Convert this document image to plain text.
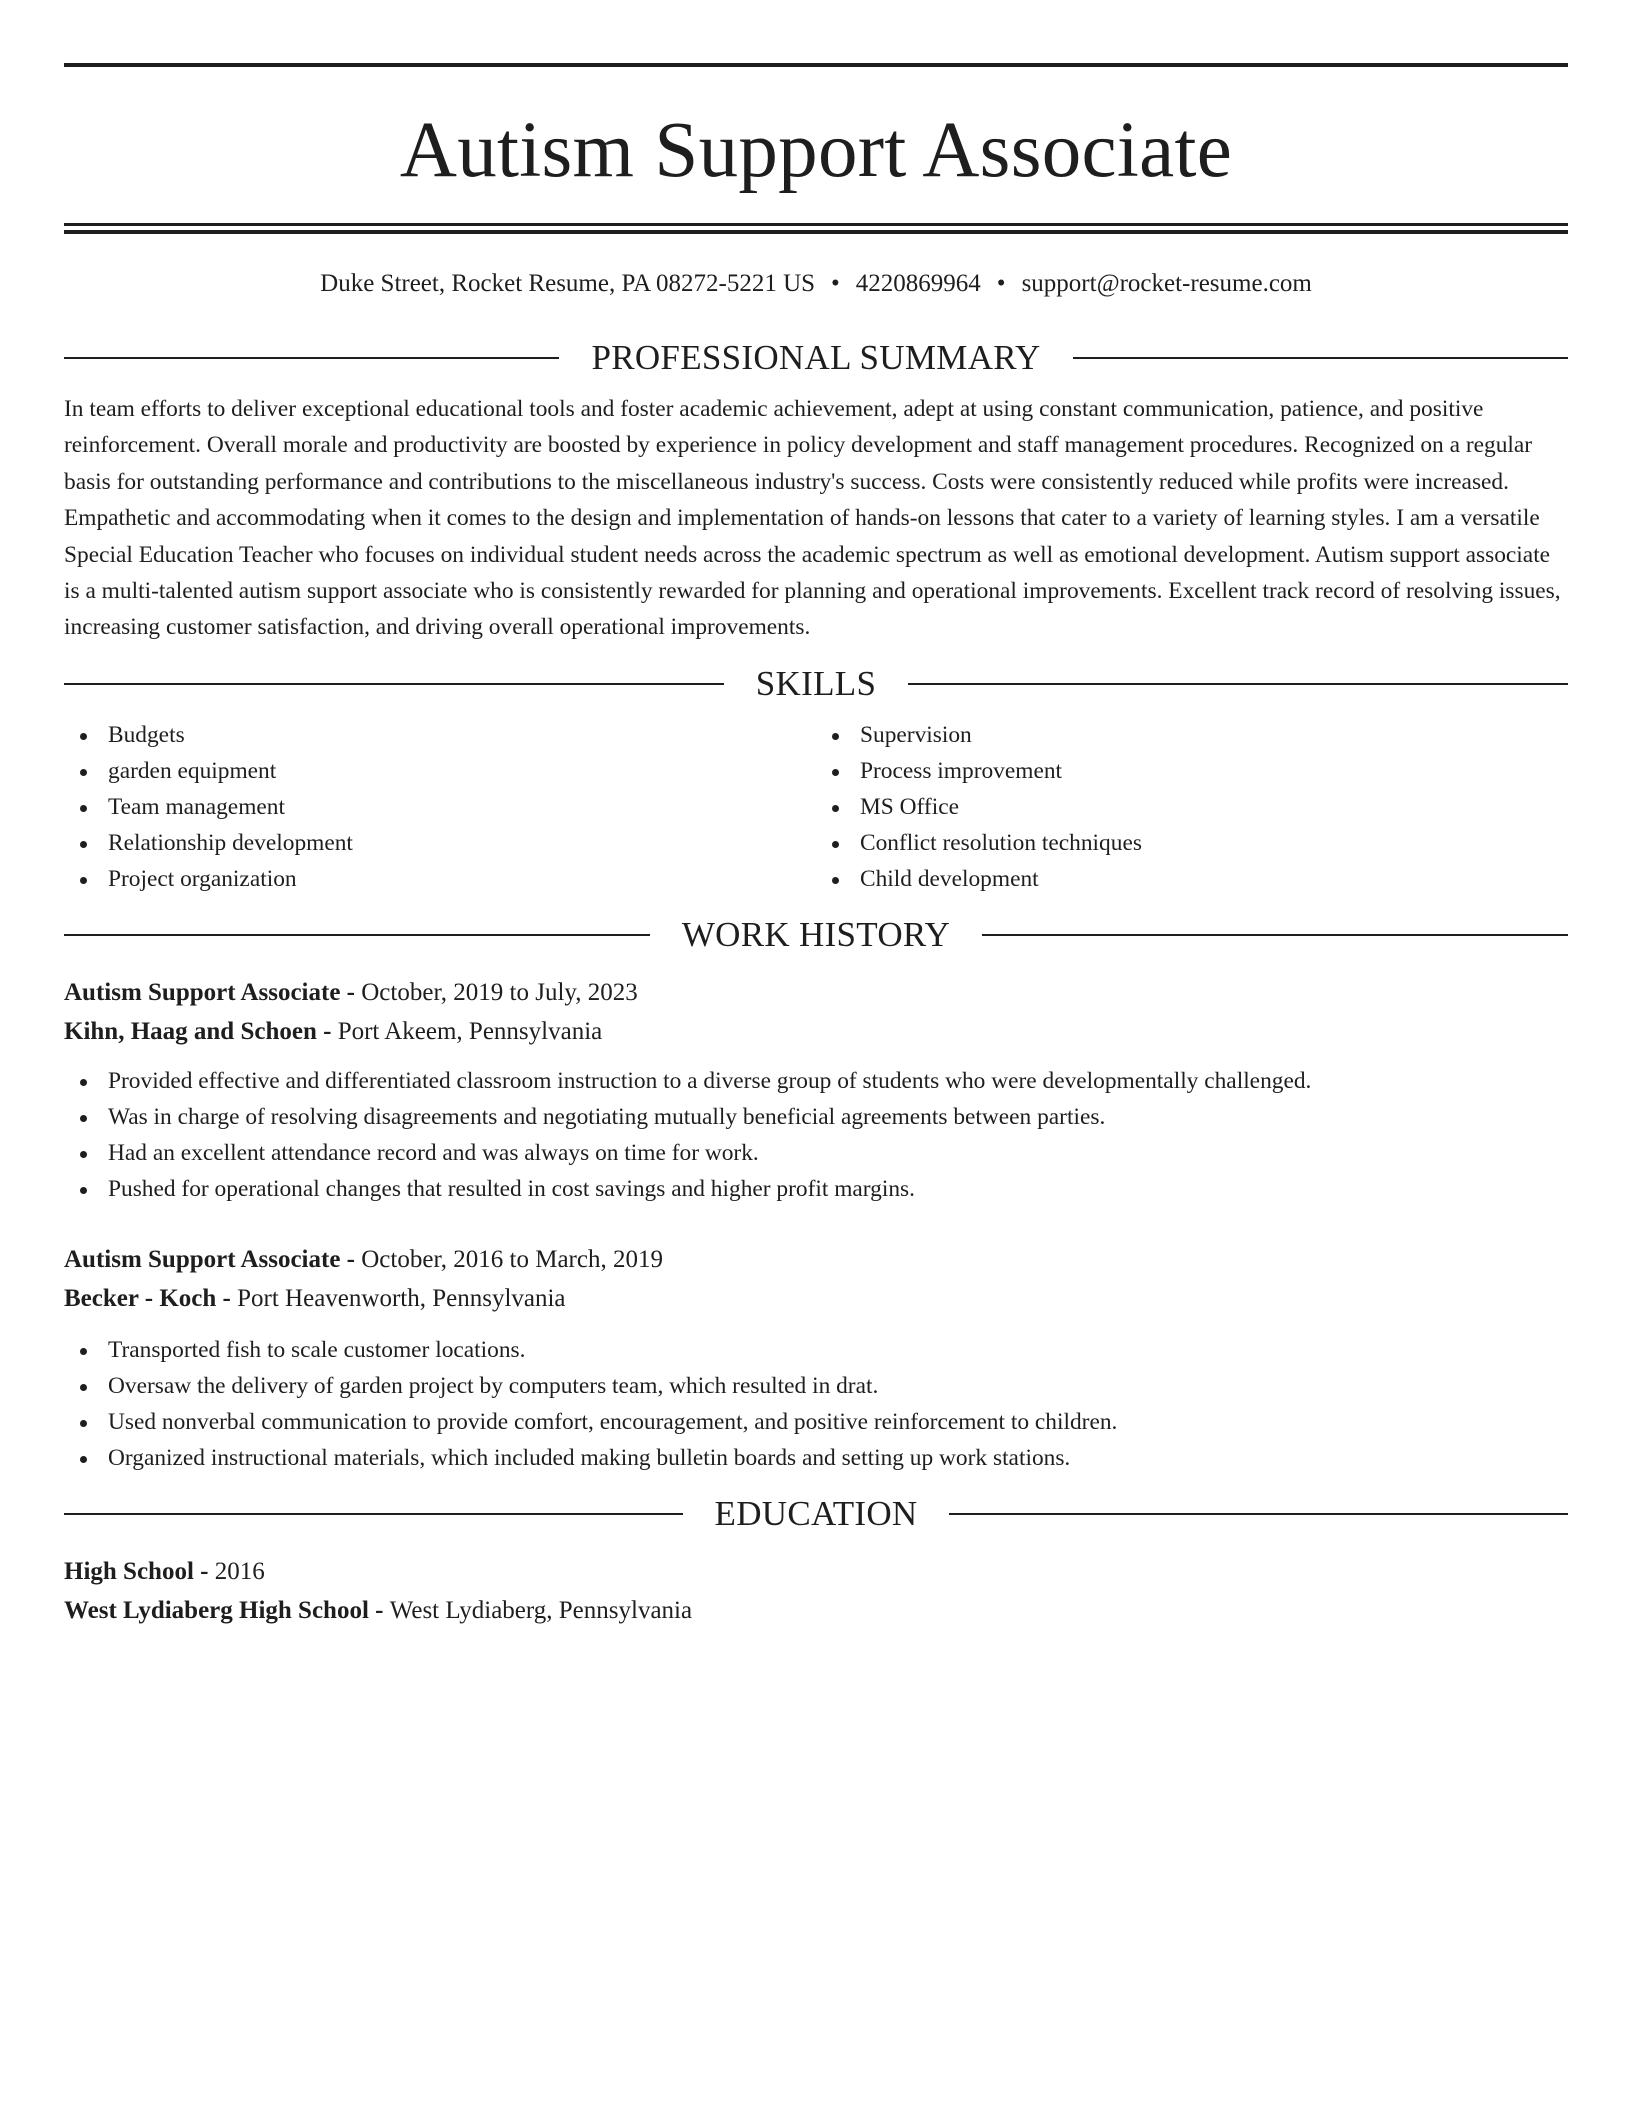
Autism Support Associate
Duke Street, Rocket Resume, PA 08272-5221 US • 4220869964 • support@rocket-resume.com
PROFESSIONAL SUMMARY
In team efforts to deliver exceptional educational tools and foster academic achievement, adept at using constant communication, patience, and positive reinforcement. Overall morale and productivity are boosted by experience in policy development and staff management procedures. Recognized on a regular basis for outstanding performance and contributions to the miscellaneous industry's success. Costs were consistently reduced while profits were increased. Empathetic and accommodating when it comes to the design and implementation of hands-on lessons that cater to a variety of learning styles. I am a versatile Special Education Teacher who focuses on individual student needs across the academic spectrum as well as emotional development. Autism support associate is a multi-talented autism support associate who is consistently rewarded for planning and operational improvements. Excellent track record of resolving issues, increasing customer satisfaction, and driving overall operational improvements.
SKILLS
Budgets
garden equipment
Team management
Relationship development
Project organization
Supervision
Process improvement
MS Office
Conflict resolution techniques
Child development
WORK HISTORY
Autism Support Associate - October, 2019 to July, 2023
Kihn, Haag and Schoen - Port Akeem, Pennsylvania
Provided effective and differentiated classroom instruction to a diverse group of students who were developmentally challenged.
Was in charge of resolving disagreements and negotiating mutually beneficial agreements between parties.
Had an excellent attendance record and was always on time for work.
Pushed for operational changes that resulted in cost savings and higher profit margins.
Autism Support Associate - October, 2016 to March, 2019
Becker - Koch - Port Heavenworth, Pennsylvania
Transported fish to scale customer locations.
Oversaw the delivery of garden project by computers team, which resulted in drat.
Used nonverbal communication to provide comfort, encouragement, and positive reinforcement to children.
Organized instructional materials, which included making bulletin boards and setting up work stations.
EDUCATION
High School - 2016
West Lydiaberg High School - West Lydiaberg, Pennsylvania
